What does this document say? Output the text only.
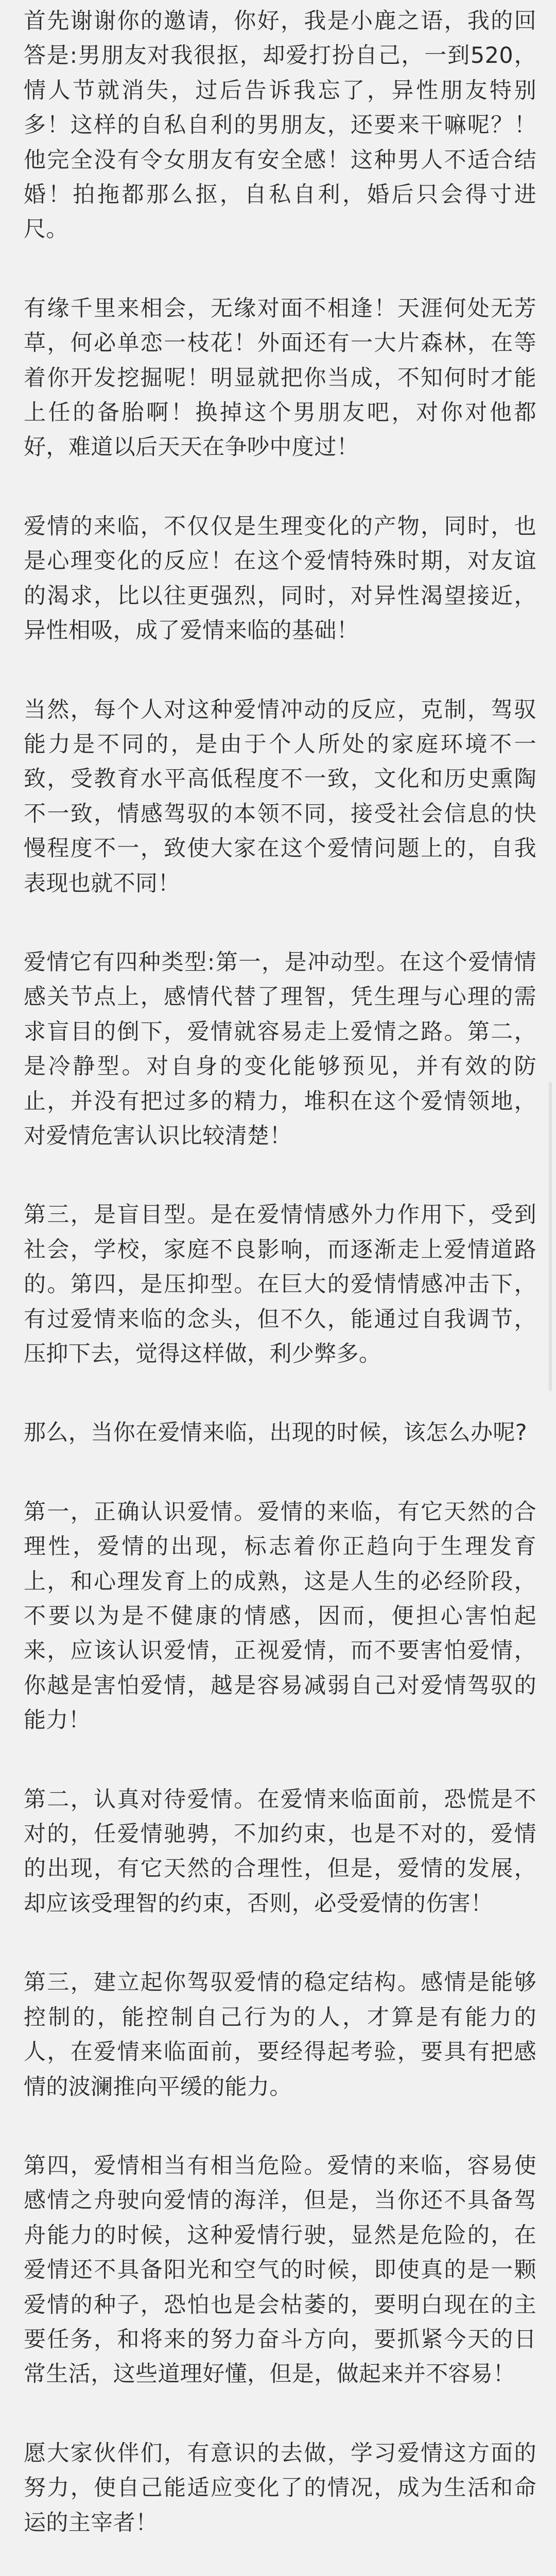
首先谢谢你的邀请，你好，我是小鹿之语，我的回答是:男朋友对我很抠，却爱打扮自己，一到520，情人节就消失，过后告诉我忘了，异性朋友特别多！这样的自私自利的男朋友，还要来干嘛呢？！他完全没有令女朋友有安全感！这种男人不适合结婚！拍拖都那么抠，自私自利，婚后只会得寸进尺。

有缘千里来相会，无缘对面不相逢！天涯何处无芳草，何必单恋一枝花！外面还有一大片森林，在等着你开发挖掘呢！明显就把你当成，不知何时才能上任的备胎啊！换掉这个男朋友吧，对你对他都好，难道以后天天在争吵中度过！

爱情的来临，不仅仅是生理变化的产物，同时，也是心理变化的反应！在这个爱情特殊时期，对友谊的渴求，比以往更强烈，同时，对异性渴望接近，异性相吸，成了爱情来临的基础！

当然，每个人对这种爱情冲动的反应，克制，驾驭能力是不同的，是由于个人所处的家庭环境不一致，受教育水平高低程度不一致，文化和历史熏陶不一致，情感驾驭的本领不同，接受社会信息的快慢程度不一，致使大家在这个爱情问题上的，自我表现也就不同！

爱情它有四种类型:第一，是冲动型。在这个爱情情感关节点上，感情代替了理智，凭生理与心理的需求盲目的倒下，爱情就容易走上爱情之路。第二，是冷静型。对自身的变化能够预见，并有效的防止，并没有把过多的精力，堆积在这个爱情领地，对爱情危害认识比较清楚！

第三，是盲目型。是在爱情情感外力作用下，受到社会，学校，家庭不良影响，而逐渐走上爱情道路的。第四，是压抑型。在巨大的爱情情感冲击下，有过爱情来临的念头，但不久，能通过自我调节，压抑下去，觉得这样做，利少弊多。

那么，当你在爱情来临，出现的时候，该怎么办呢?

第一，正确认识爱情。爱情的来临，有它天然的合理性，爱情的出现，标志着你正趋向于生理发育上，和心理发育上的成熟，这是人生的必经阶段，不要以为是不健康的情感，因而，便担心害怕起来，应该认识爱情，正视爱情，而不要害怕爱情，你越是害怕爱情，越是容易减弱自己对爱情驾驭的能力！

第二，认真对待爱情。在爱情来临面前，恐慌是不对的，任爱情驰骋，不加约束，也是不对的，爱情的出现，有它天然的合理性，但是，爱情的发展，却应该受理智的约束，否则，必受爱情的伤害！

第三，建立起你驾驭爱情的稳定结构。感情是能够控制的，能控制自己行为的人，才算是有能力的人，在爱情来临面前，要经得起考验，要具有把感情的波澜推向平缓的能力。

第四，爱情相当有相当危险。爱情的来临，容易使感情之舟驶向爱情的海洋，但是，当你还不具备驾舟能力的时候，这种爱情行驶，显然是危险的，在爱情还不具备阳光和空气的时候，即使真的是一颗爱情的种子，恐怕也是会枯萎的，要明白现在的主要任务，和将来的努力奋斗方向，要抓紧今天的日常生活，这些道理好懂，但是，做起来并不容易！

愿大家伙伴们，有意识的去做，学习爱情这方面的努力，使自己能适应变化了的情况，成为生活和命运的主宰者！
